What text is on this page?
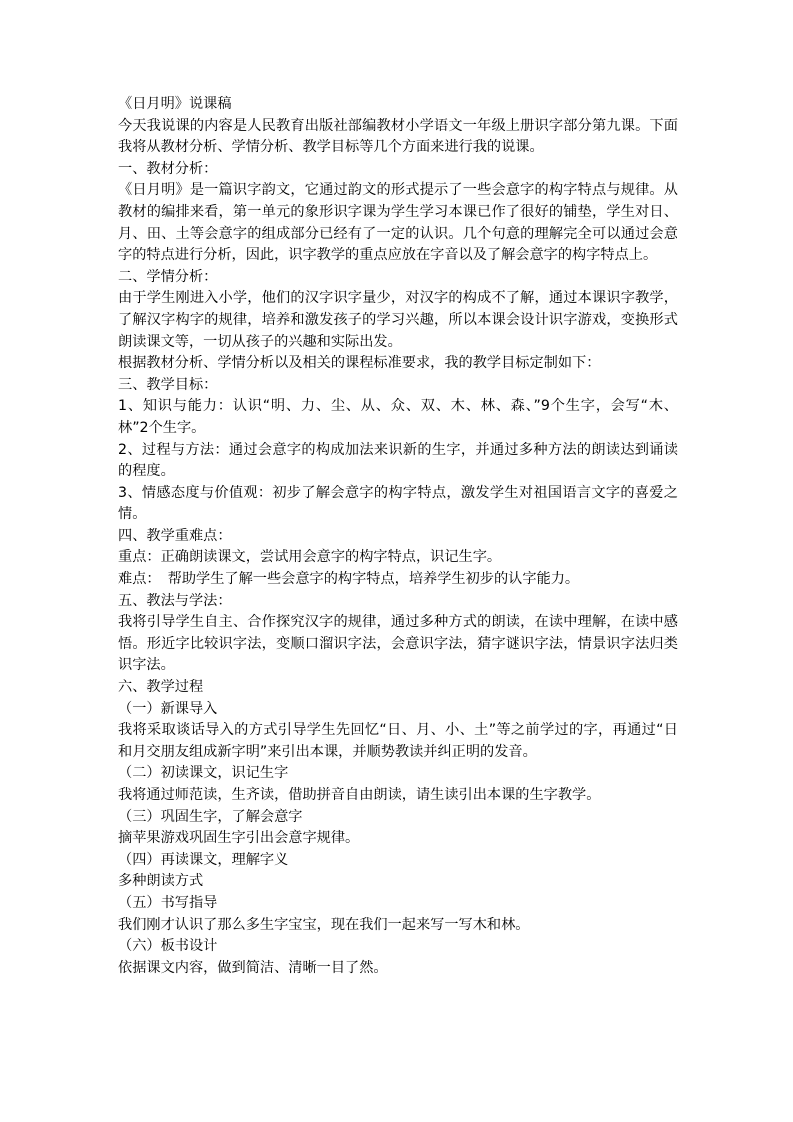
《日月明》说课稿

今天我说课的内容是人民教育出版社部编教材小学语文一年级上册识字部分第九课。下面我将从教材分析、学情分析、教学目标等几个方面来进行我的说课。

一、教材分析：

《日月明》是一篇识字韵文，它通过韵文的形式提示了一些会意字的构字特点与规律。从教材的编排来看，第一单元的象形识字课为学生学习本课已作了很好的铺垫，学生对日、月、田、土等会意字的组成部分已经有了一定的认识。几个句意的理解完全可以通过会意字的特点进行分析，因此，识字教学的重点应放在字音以及了解会意字的构字特点上。

二、学情分析：

由于学生刚进入小学，他们的汉字识字量少，对汉字的构成不了解，通过本课识字教学，了解汉字构字的规律，培养和激发孩子的学习兴趣，所以本课会设计识字游戏，变换形式朗读课文等，一切从孩子的兴趣和实际出发。

根据教材分析、学情分析以及相关的课程标准要求，我的教学目标定制如下：

三、教学目标：

1、知识与能力：认识“明、力、尘、从、众、双、木、林、森、”9个生字，会写“木、林”2个生字。

2、过程与方法：通过会意字的构成加法来识新的生字，并通过多种方法的朗读达到诵读的程度。

3、情感态度与价值观：初步了解会意字的构字特点，激发学生对祖国语言文字的喜爱之情。

四、教学重难点：

重点：正确朗读课文，尝试用会意字的构字特点，识记生字。

难点：　帮助学生了解一些会意字的构字特点，培养学生初步的认字能力。

五、教法与学法：

我将引导学生自主、合作探究汉字的规律，通过多种方式的朗读，在读中理解，在读中感悟。形近字比较识字法，变顺口溜识字法，会意识字法，猜字谜识字法，情景识字法归类识字法。

六、教学过程

（一）新课导入

我将采取谈话导入的方式引导学生先回忆“日、月、小、土”等之前学过的字，再通过“日和月交朋友组成新字明”来引出本课，并顺势教读并纠正明的发音。

（二）初读课文，识记生字

我将通过师范读，生齐读，借助拼音自由朗读，请生读引出本课的生字教学。

（三）巩固生字，了解会意字

摘苹果游戏巩固生字引出会意字规律。

（四）再读课文，理解字义

多种朗读方式

（五）书写指导

我们刚才认识了那么多生字宝宝，现在我们一起来写一写木和林。

（六）板书设计

依据课文内容，做到简洁、清晰一目了然。
